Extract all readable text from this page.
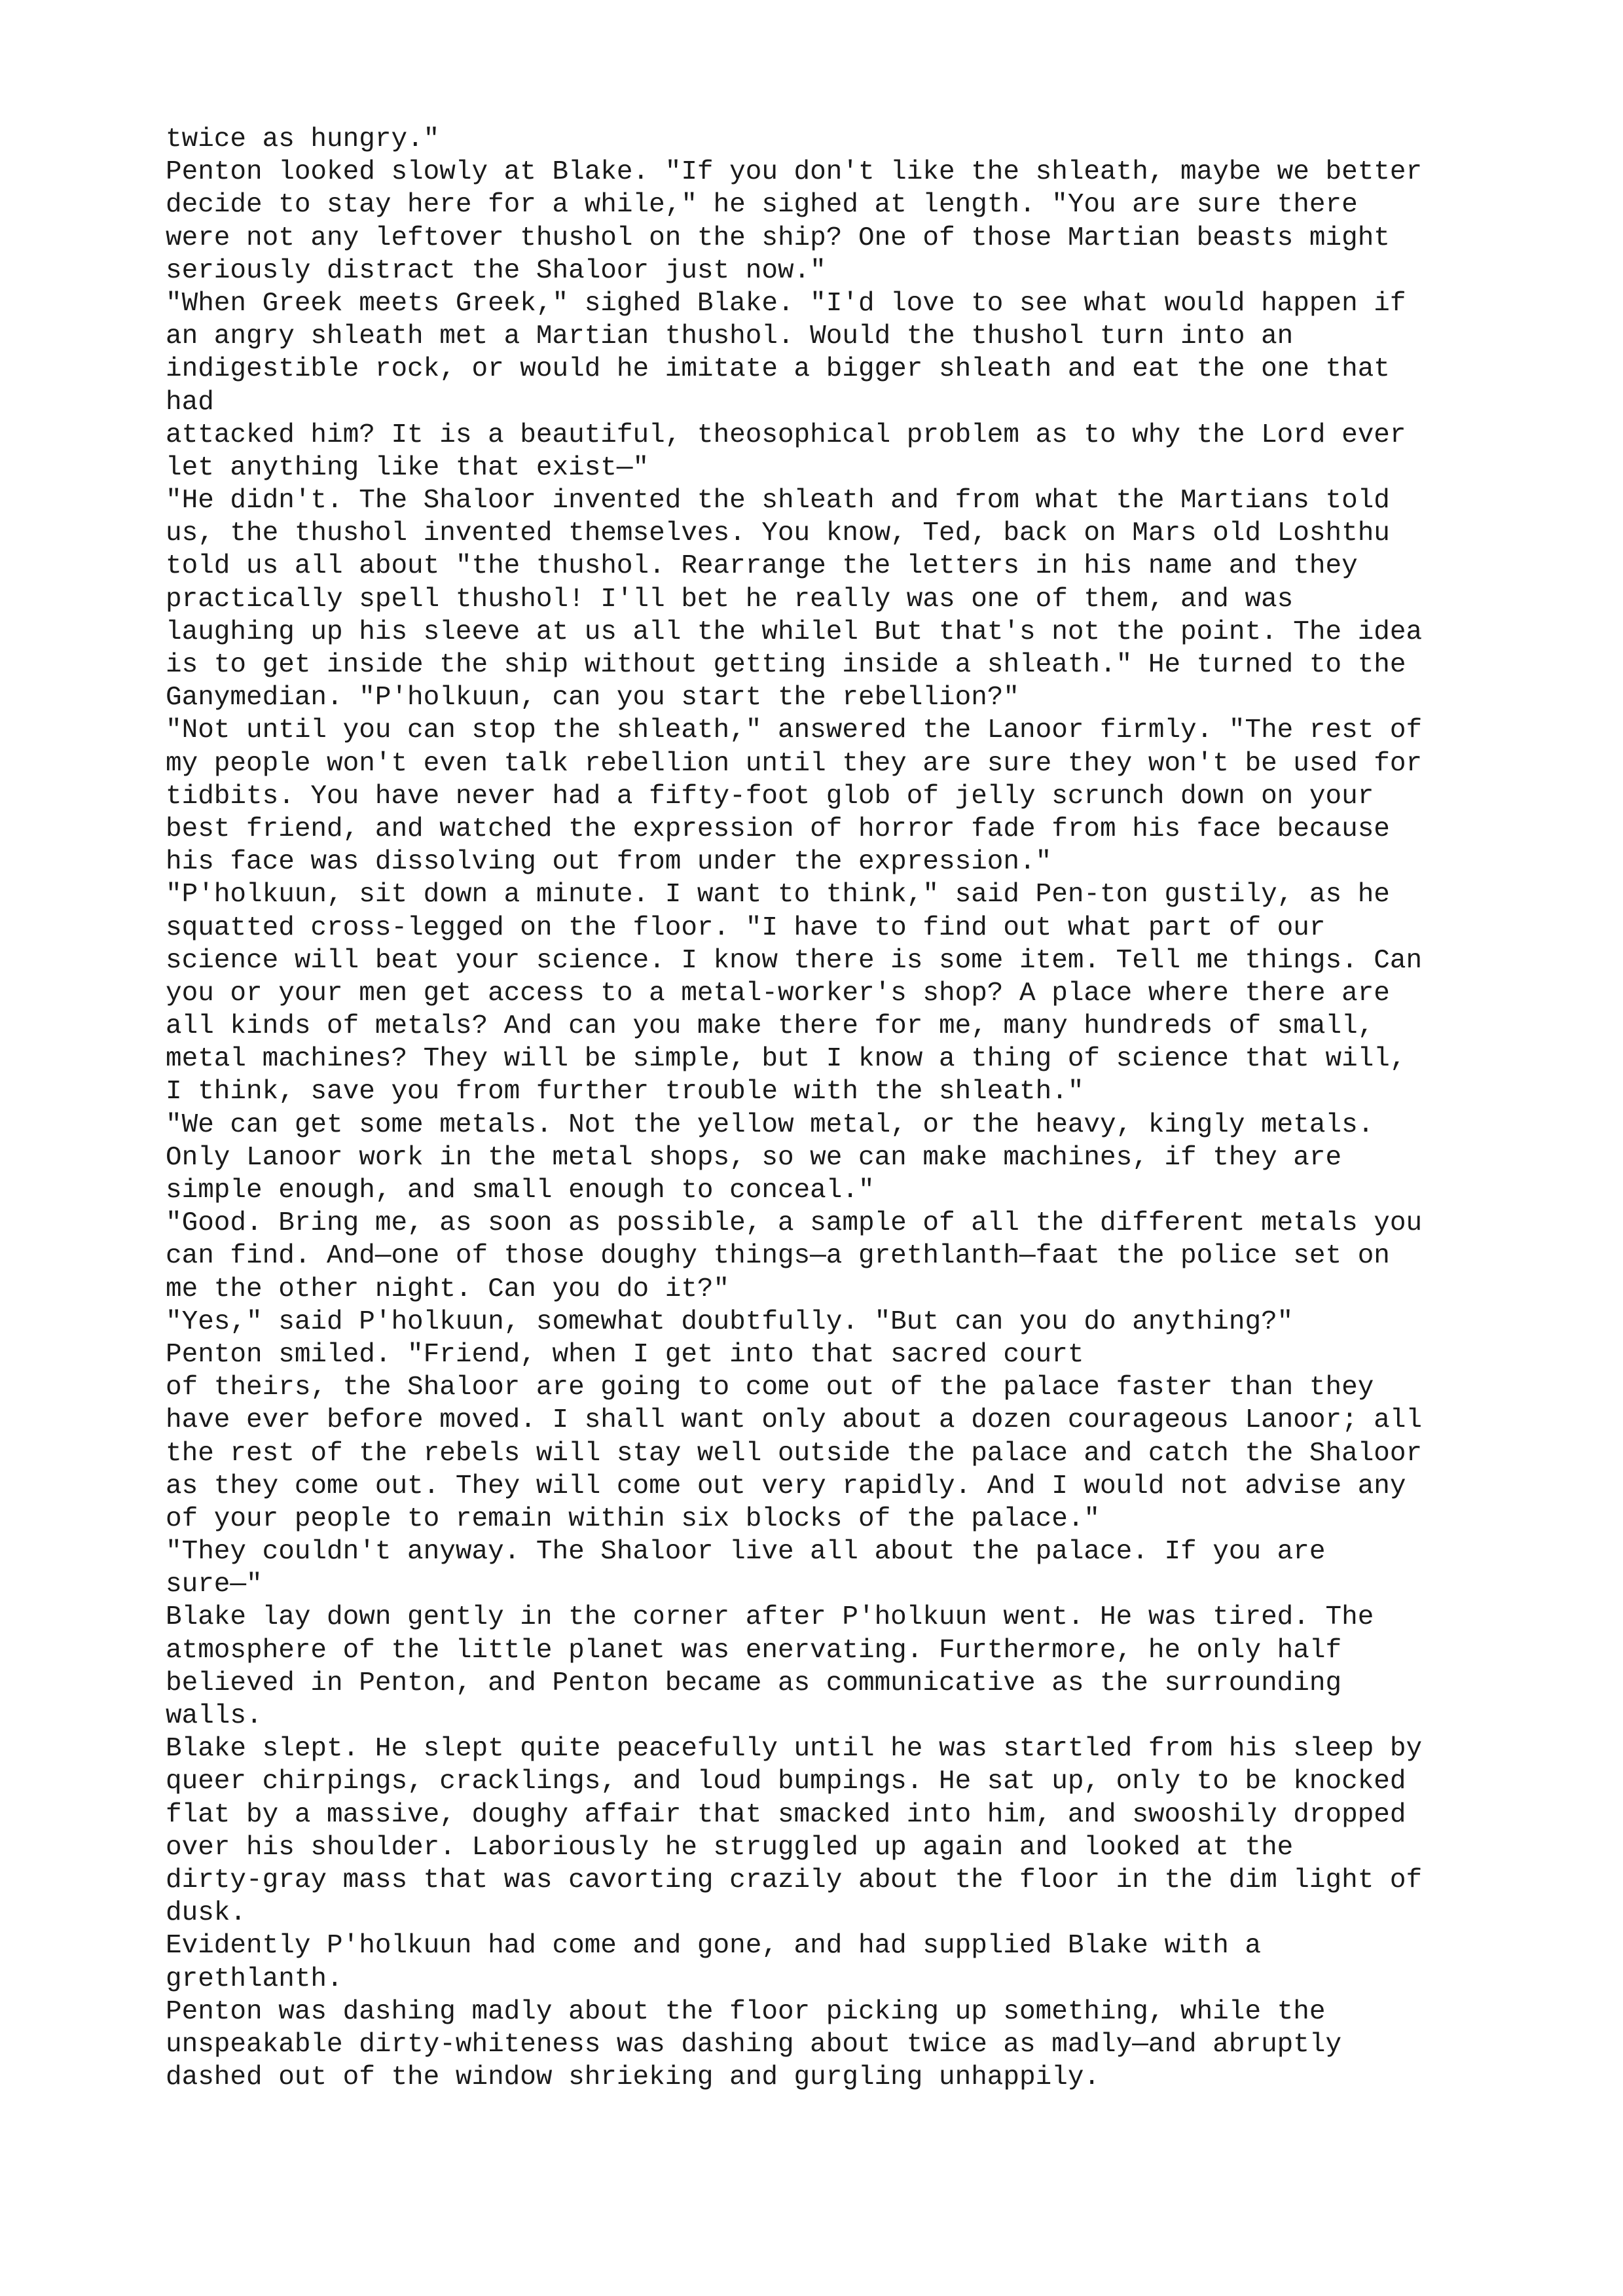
twice as hungry."
Penton looked slowly at Blake. "If you don't like the shleath, maybe we better
decide to stay here for a while," he sighed at length. "You are sure there
were not any leftover thushol on the ship? One of those Martian beasts might
seriously distract the Shaloor just now."
"When Greek meets Greek," sighed Blake. "I'd love to see what would happen if
an angry shleath met a Martian thushol. Would the thushol turn into an
indigestible rock, or would he imitate a bigger shleath and eat the one that
had
attacked him? It is a beautiful, theosophical problem as to why the Lord ever
let anything like that exist—"
"He didn't. The Shaloor invented the shleath and from what the Martians told
us, the thushol invented themselves. You know, Ted, back on Mars old Loshthu
told us all about "the thushol. Rearrange the letters in his name and they
practically spell thushol! I'll bet he really was one of them, and was
laughing up his sleeve at us all the whilel But that's not the point. The idea
is to get inside the ship without getting inside a shleath." He turned to the
Ganymedian. "P'holkuun, can you start the rebellion?"
"Not until you can stop the shleath," answered the Lanoor firmly. "The rest of
my people won't even talk rebellion until they are sure they won't be used for
tidbits. You have never had a fifty-foot glob of jelly scrunch down on your
best friend, and watched the expression of horror fade from his face because
his face was dissolving out from under the expression."
"P'holkuun, sit down a minute. I want to think," said Pen-ton gustily, as he
squatted cross-legged on the floor. "I have to find out what part of our
science will beat your science. I know there is some item. Tell me things. Can
you or your men get access to a metal-worker's shop? A place where there are
all kinds of metals? And can you make there for me, many hundreds of small,
metal machines? They will be simple, but I know a thing of science that will,
I think, save you from further trouble with the shleath."
"We can get some metals. Not the yellow metal, or the heavy, kingly metals.
Only Lanoor work in the metal shops, so we can make machines, if they are
simple enough, and small enough to conceal."
"Good. Bring me, as soon as possible, a sample of all the different metals you
can find. And—one of those doughy things—a grethlanth—faat the police set on
me the other night. Can you do it?"
"Yes," said P'holkuun, somewhat doubtfully. "But can you do anything?"
Penton smiled. "Friend, when I get into that sacred court
of theirs, the Shaloor are going to come out of the palace faster than they
have ever before moved. I shall want only about a dozen courageous Lanoor; all
the rest of the rebels will stay well outside the palace and catch the Shaloor
as they come out. They will come out very rapidly. And I would not advise any
of your people to remain within six blocks of the palace."
"They couldn't anyway. The Shaloor live all about the palace. If you are
sure—"
Blake lay down gently in the corner after P'holkuun went. He was tired. The
atmosphere of the little planet was enervating. Furthermore, he only half
believed in Penton, and Penton became as communicative as the surrounding
walls.
Blake slept. He slept quite peacefully until he was startled from his sleep by
queer chirpings, cracklings, and loud bumpings. He sat up, only to be knocked
flat by a massive, doughy affair that smacked into him, and swooshily dropped
over his shoulder. Laboriously he struggled up again and looked at the
dirty-gray mass that was cavorting crazily about the floor in the dim light of
dusk.
Evidently P'holkuun had come and gone, and had supplied Blake with a
grethlanth.
Penton was dashing madly about the floor picking up something, while the
unspeakable dirty-whiteness was dashing about twice as madly—and abruptly
dashed out of the window shrieking and gurgling unhappily.
